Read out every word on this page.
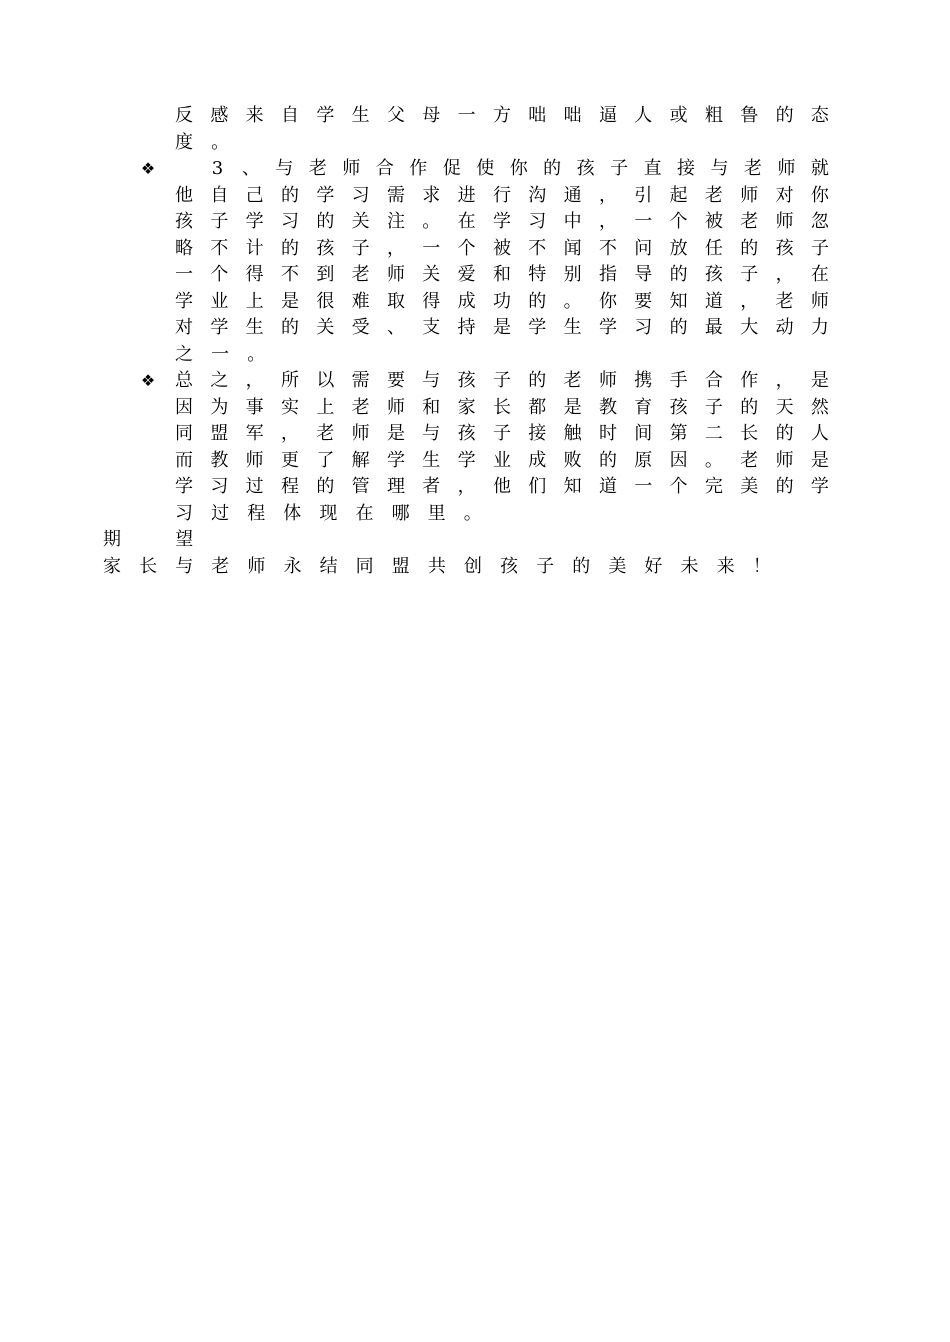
反 感 来 自 学 生 父 母 一 方 咄 咄 逼 人 或 粗 鲁 的 态
度 。
❖
　	3 、 与 老 师 合 作 促 使 你 的 孩 子 直 接 与 老 师 就
他 自 己 的 学 习 需 求 进 行 沟 通 ， 引 起 老 师 对 你
孩 子 学 习 的 关 注 。 在 学 习 中 ， 一 个 被 老 师 忽
略 不 计 的 孩 子 ， 一 个 被 不 闻 不 问 放 任 的 孩 子
一 个 得 不 到 老 师 关 爱 和 特 别 指 导 的 孩 子 ， 在
学 业 上 是 很 难 取 得 成 功 的 。 你 要 知 道 ， 老 师
对 学 生 的 关 受 、 支 持 是 学 生 学 习 的 最 大 动 力
之 一 。
❖ 总 之 ， 所 以 需 要 与 孩 子 的 老 师 携 手 合 作 ， 是
因 为 事 实 上 老 师 和 家 长 都 是 教 育 孩 子 的 天 然
同 盟 军 ， 老 师 是 与 孩 子 接 触 时 间 第 二 长 的 人
而 教 师 更 了 解 学 生 学 业 成 败 的 原 因 。 老 师 是
学 习 过 程 的 管 理 者 ， 他 们 知 道 一 个 完 美 的 学
习 过 程 体 现 在 哪 里 。
期
　	望
家 长 与 老 师 永 结 同 盟 共 创 孩 子 的 美 好 未 来 ！
